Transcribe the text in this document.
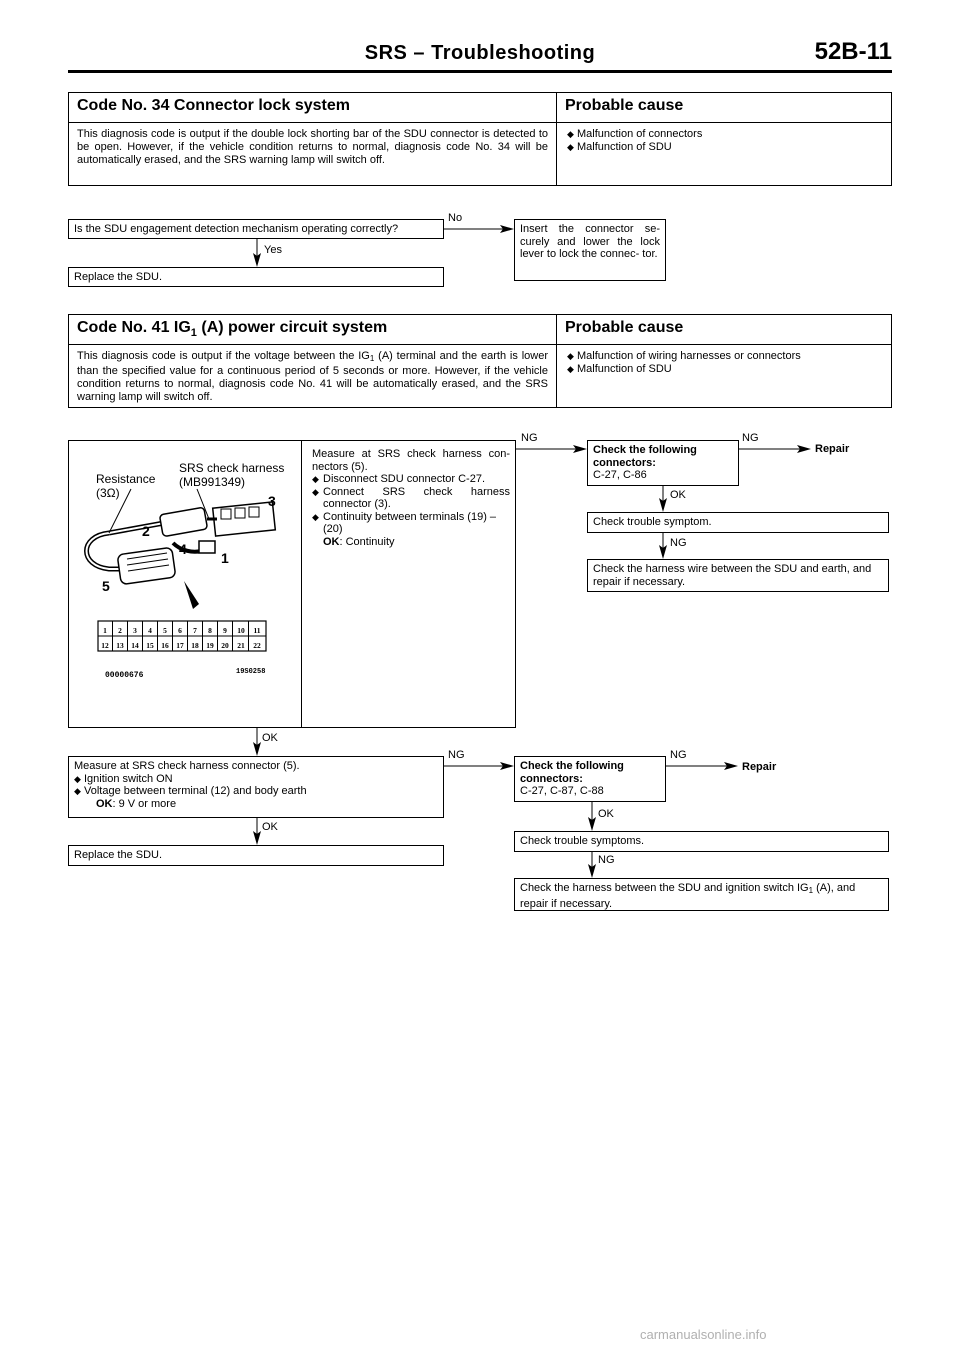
SRS – Troubleshooting	52B-11
Code No. 34 Connector lock system	Probable cause
This diagnosis code is output if the double lock shorting bar of the SDU connector is detected to be open. However, if the vehicle condition returns to normal, diagnosis code No. 34 will be automatically erased, and the SRS warning lamp will switch off.
◆ Malfunction of connectors
◆ Malfunction of SDU
Is the SDU engagement detection mechanism operating correctly?
No
Insert the connector se- curely and lower the lock lever to lock the connec- tor.
Yes
Replace the SDU.
Code No. 41 $IG_1$ (A) power circuit system	Probable cause
This diagnosis code is output if the voltage between the $IG_1$ (A) terminal and the earth is lower than the specified value for a continuous period of 5 seconds or more. However, if the vehicle condition returns to normal, diagnosis code No. 41 will be automatically erased, and the SRS warning lamp will switch off.
◆ Malfunction of wiring harnesses or connectors
◆ Malfunction of SDU
1 2 3 4 5 6 7 8 9 10 11
12 13 14 15 16 17 18 19 20 21 22
00000676	19S0258
Resistance (3Ω)
SRS check harness (MB991349)
3
2
4
1
5
Measure at SRS check harness con- nectors (5).
◆ Disconnect SDU connector C-27.
◆ Connect SRS check harness connector (3).
◆ Continuity between terminals (19) – (20)
OK: Continuity
NG
Check the following connectors:
C-27, C-86
NG
Repair
OK
Check trouble symptom.
NG
Check the harness wire between the SDU and earth, and repair if necessary.
OK
Measure at SRS check harness connector (5).
◆ Ignition switch ON
◆ Voltage between terminal (12) and body earth
OK: 9 V or more
OK
Replace the SDU.
NG
Check the following connectors:
C-27, C-87, C-88
NG
Repair
OK
Check trouble symptoms.
NG
Check the harness between the SDU and ignition switch $IG_1$ (A), and repair if necessary.
carmanualsonline.info
